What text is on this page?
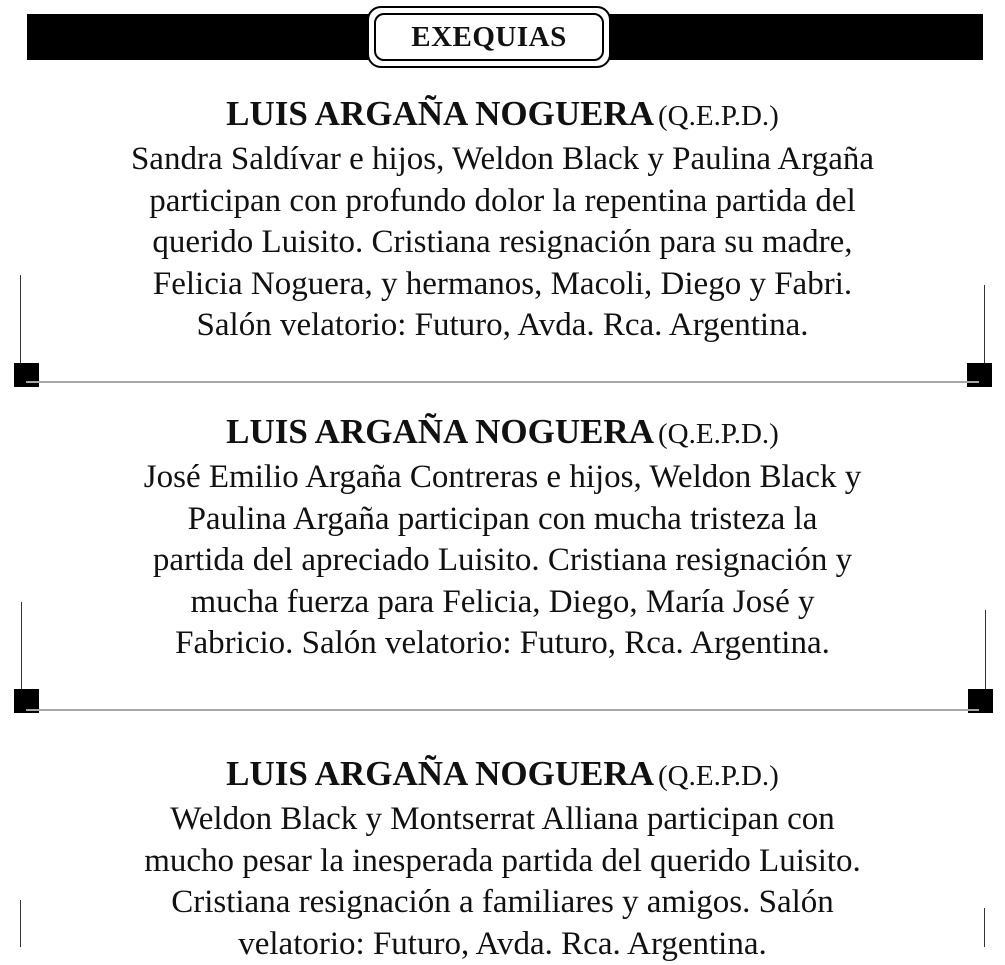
EXEQUIAS

LUIS ARGAÑA NOGUERA (Q.E.P.D.)

Sandra Saldívar e hijos, Weldon Black y Paulina Argaña
participan con profundo dolor la repentina partida del
querido Luisito. Cristiana resignación para su madre,
Felicia Noguera, y hermanos, Macoli, Diego y Fabri.
Salón velatorio: Futuro, Avda. Rca. Argentina.

LUIS ARGAÑA NOGUERA (Q.E.P.D.)

José Emilio Argaña Contreras e hijos, Weldon Black y
Paulina Argaña participan con mucha tristeza la
partida del apreciado Luisito. Cristiana resignación y
mucha fuerza para Felicia, Diego, María José y
Fabricio. Salón velatorio: Futuro, Rca. Argentina.

LUIS ARGAÑA NOGUERA (Q.E.P.D.)

Weldon Black y Montserrat Alliana participan con
mucho pesar la inesperada partida del querido Luisito.
Cristiana resignación a familiares y amigos. Salón
velatorio: Futuro, Avda. Rca. Argentina.
